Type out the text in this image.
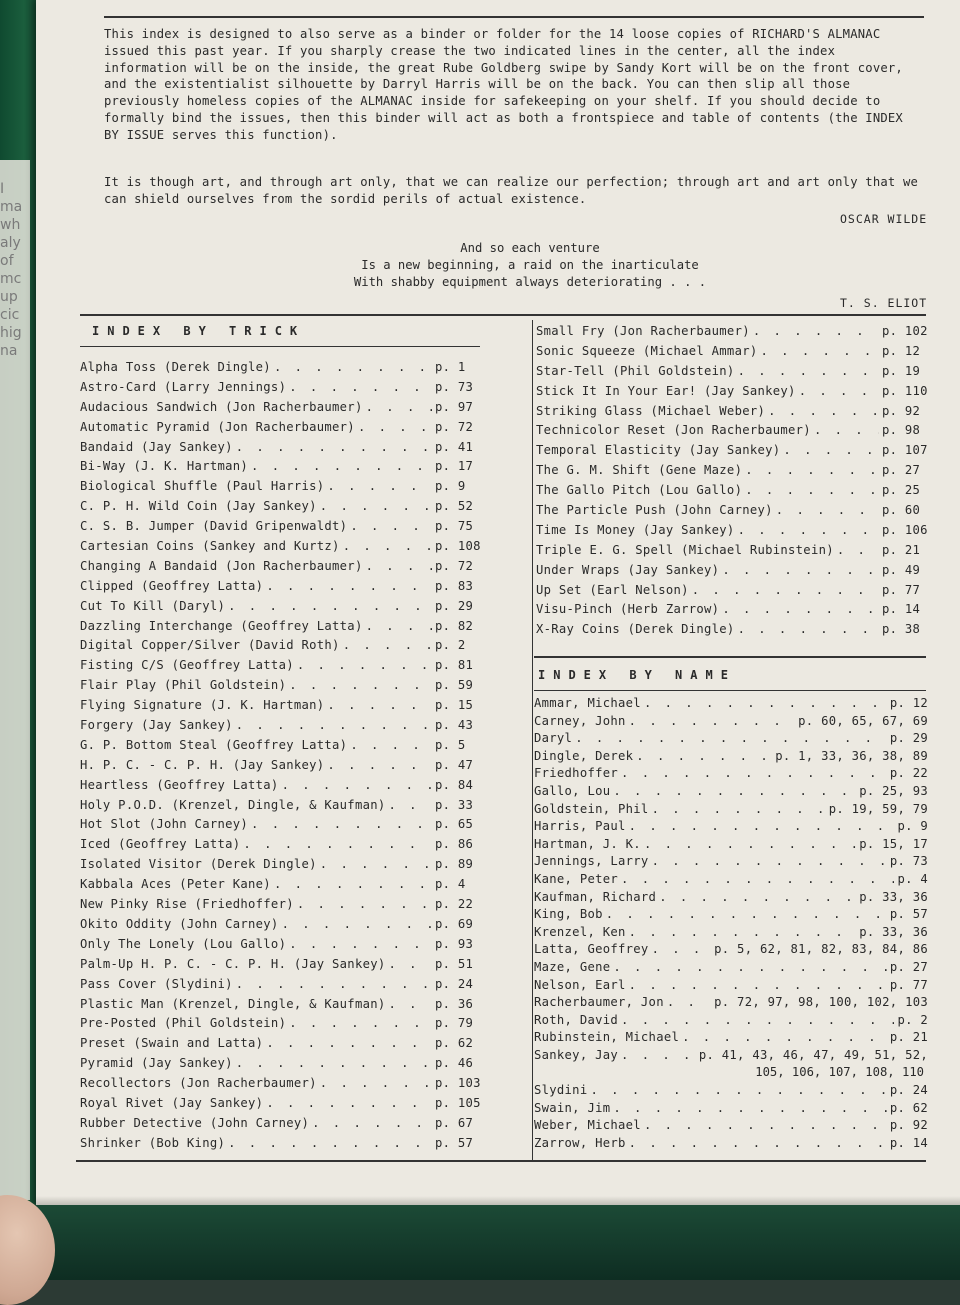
I
ma
wh
aly
of
mc
up
cic
hig
na
This index is designed to also serve as a binder or folder for the 14 loose copies of RICHARD'S ALMANAC issued this past year. If you sharply crease the two indicated lines in the center, all the index information will be on the inside, the great Rube Goldberg swipe by Sandy Kort will be on the front cover, and the existentialist silhouette by Darryl Harris will be on the back. You can then slip all those previously homeless copies of the ALMANAC inside for safekeeping on your shelf. If you should decide to formally bind the issues, then this binder will act as both a frontspiece and table of contents (the INDEX BY ISSUE serves this function).
It is though art, and through art only, that we can realize our perfection; through art and art only that we can shield ourselves from the sordid perils of actual existence.
OSCAR WILDE
And so each venture
Is a new beginning, a raid on the inarticulate
With shabby equipment always deteriorating . . .
T. S. ELIOT
INDEX BY TRICK
INDEX BY NAME
Alpha Toss (Derek Dingle) . . .	p. 1
Astro-Card (Larry Jennings) . . .	p. 73
Audacious Sandwich (Jon Racherbaumer) . . .	p. 97
Automatic Pyramid (Jon Racherbaumer) . . .	p. 72
Bandaid (Jay Sankey) . . .	p. 41
Bi-Way (J. K. Hartman) . . .	p. 17
Biological Shuffle (Paul Harris) . . .	p. 9
C. P. H. Wild Coin (Jay Sankey) . . .	p. 52
C. S. B. Jumper (David Gripenwaldt) . . .	p. 75
Cartesian Coins (Sankey and Kurtz) . . .	p. 108
Changing A Bandaid (Jon Racherbaumer) . . .	p. 72
Clipped (Geoffrey Latta) . . .	p. 83
Cut To Kill (Daryl) . . .	p. 29
Dazzling Interchange (Geoffrey Latta) . . .	p. 82
Digital Copper/Silver (David Roth) . . .	p. 2
Fisting C/S (Geoffrey Latta) . . .	p. 81
Flair Play (Phil Goldstein) . . .	p. 59
Flying Signature (J. K. Hartman) . . .	p. 15
Forgery (Jay Sankey) . . .	p. 43
G. P. Bottom Steal (Geoffrey Latta) . . .	p. 5
H. P. C. - C. P. H. (Jay Sankey) . . .	p. 47
Heartless (Geoffrey Latta) . . .	p. 84
Holy P.O.D. (Krenzel, Dingle, & Kaufman) . . .	p. 33
Hot Slot (John Carney) . . .	p. 65
Iced (Geoffrey Latta) . . .	p. 86
Isolated Visitor (Derek Dingle) . . .	p. 89
Kabbala Aces (Peter Kane) . . .	p. 4
New Pinky Rise (Friedhoffer) . . .	p. 22
Okito Oddity (John Carney) . . .	p. 69
Only The Lonely (Lou Gallo) . . .	p. 93
Palm-Up H. P. C. - C. P. H. (Jay Sankey) . . .	p. 51
Pass Cover (Slydini) . . .	p. 24
Plastic Man (Krenzel, Dingle, & Kaufman) . . .	p. 36
Pre-Posted (Phil Goldstein) . . .	p. 79
Preset (Swain and Latta) . . .	p. 62
Pyramid (Jay Sankey) . . .	p. 46
Recollectors (Jon Racherbaumer) . . .	p. 103
Royal Rivet (Jay Sankey) . . .	p. 105
Rubber Detective (John Carney) . . .	p. 67
Shrinker (Bob King) . . .	p. 57
Small Fry (Jon Racherbaumer) . . .	p. 102
Sonic Squeeze (Michael Ammar) . . .	p. 12
Star-Tell (Phil Goldstein) . . .	p. 19
Stick It In Your Ear! (Jay Sankey) . . .	p. 110
Striking Glass (Michael Weber) . . .	p. 92
Technicolor Reset (Jon Racherbaumer) . . .	p. 98
Temporal Elasticity (Jay Sankey) . . .	p. 107
The G. M. Shift (Gene Maze) . . .	p. 27
The Gallo Pitch (Lou Gallo) . . .	p. 25
The Particle Push (John Carney) . . .	p. 60
Time Is Money (Jay Sankey) . . .	p. 106
Triple E. G. Spell (Michael Rubinstein) . . .	p. 21
Under Wraps (Jay Sankey) . . .	p. 49
Up Set (Earl Nelson) . . .	p. 77
Visu-Pinch (Herb Zarrow) . . .	p. 14
X-Ray Coins (Derek Dingle) . . .	p. 38
Ammar, Michael . . .	p. 12
Carney, John . . .	p. 60, 65, 67, 69
Daryl . . .	p. 29
Dingle, Derek . . .	p. 1, 33, 36, 38, 89
Friedhoffer . . .	p. 22
Gallo, Lou . . .	p. 25, 93
Goldstein, Phil . . .	p. 19, 59, 79
Harris, Paul . . .	p. 9
Hartman, J. K. . . .	p. 15, 17
Jennings, Larry . . .	p. 73
Kane, Peter . . .	p. 4
Kaufman, Richard . . .	p. 33, 36
King, Bob . . .	p. 57
Krenzel, Ken . . .	p. 33, 36
Latta, Geoffrey . . .	p. 5, 62, 81, 82, 83, 84, 86
Maze, Gene . . .	p. 27
Nelson, Earl . . .	p. 77
Racherbaumer, Jon . . .	p. 72, 97, 98, 100, 102, 103
Roth, David . . .	p. 2
Rubinstein, Michael . . .	p. 21
Sankey, Jay . . .	p. 41, 43, 46, 47, 49, 51, 52,
105, 106, 107, 108, 110
Slydini . . .	p. 24
Swain, Jim . . .	p. 62
Weber, Michael . . .	p. 92
Zarrow, Herb . . .	p. 14
